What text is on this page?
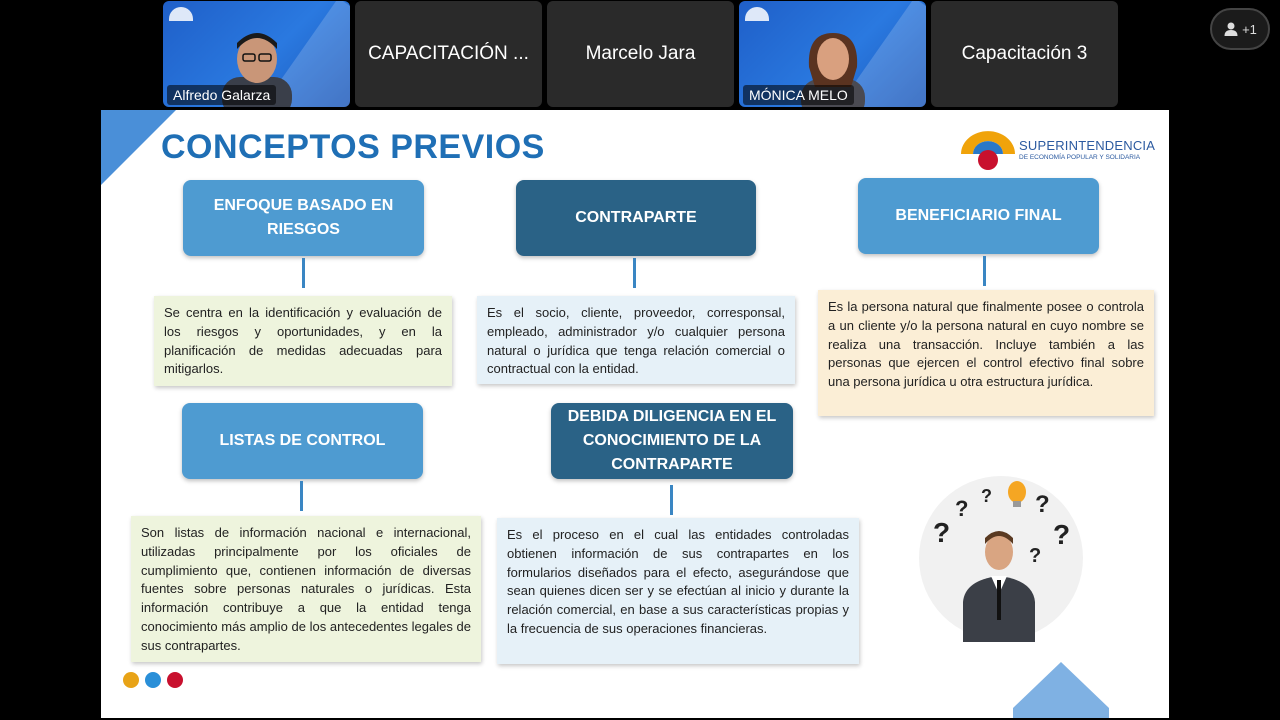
Alfredo Galarza
CAPACITACIÓN ...	Marcelo Jara
MÓNICA MELO
Capacitación 3
+1
CONCEPTOS PREVIOS	SUPERINTENDENCIA
DE ECONOMÍA POPULAR Y SOLIDARIA
ENFOQUE BASADO EN RIESGOS
Se centra en la identificación y evaluación de los riesgos y oportunidades, y en la planificación de medidas adecuadas para mitigarlos.
CONTRAPARTE
Es el socio, cliente, proveedor, corresponsal, empleado, administrador y/o cualquier persona natural o jurídica que tenga relación comercial o contractual con la entidad.
BENEFICIARIO FINAL
Es la persona natural que finalmente posee o controla a un cliente y/o la persona natural en cuyo nombre se realiza una transacción. Incluye también a las personas que ejercen el control efectivo final sobre una persona jurídica u otra estructura jurídica.
LISTAS DE CONTROL
Son listas de información nacional e internacional, utilizadas principalmente por los oficiales de cumplimiento que, contienen información de diversas fuentes sobre personas naturales o jurídicas. Esta información contribuye a que la entidad tenga conocimiento más amplio de los antecedentes legales de sus contrapartes.
DEBIDA DILIGENCIA EN EL CONOCIMIENTO DE LA CONTRAPARTE
Es el proceso en el cual las entidades controladas obtienen información de sus contrapartes en los formularios diseñados para el efecto, asegurándose que sean quienes dicen ser y se efectúan al inicio y durante la relación comercial, en base a sus características propias y la frecuencia de sus operaciones financieras.
?
? ? ?
?
?
